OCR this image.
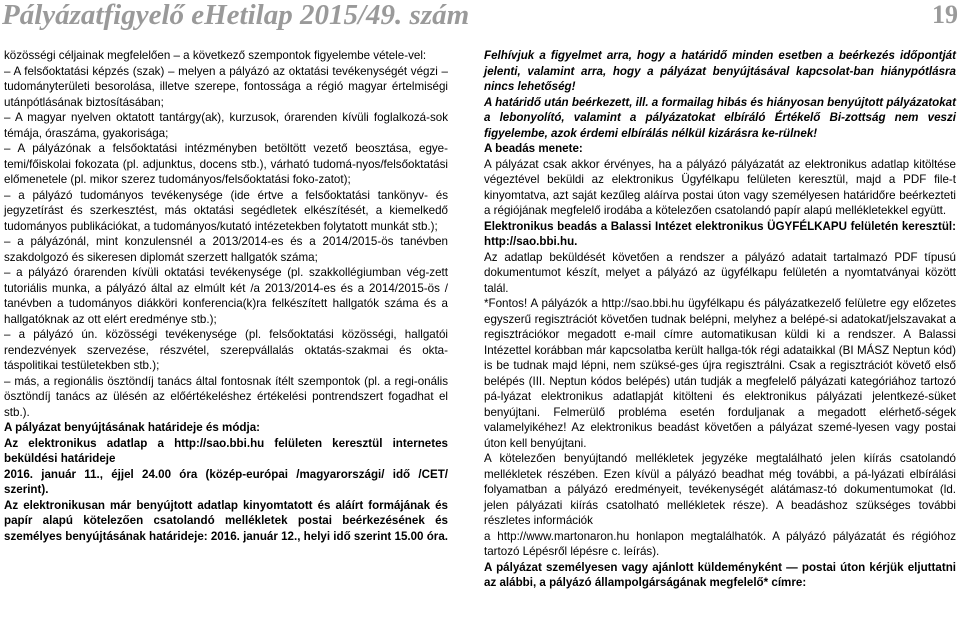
Pályázatfigyelő eHetilap 2015/49. szám	19

közösségi céljainak megfelelően – a következő szempontok figyelembe vétele-vel:

– A felsőoktatási képzés (szak) – melyen a pályázó az oktatási tevékenységét végzi – tudományterületi besorolása, illetve szerepe, fontossága a régió magyar értelmiségi utánpótlásának biztosításában;

– A magyar nyelven oktatott tantárgy(ak), kurzusok, órarenden kívüli foglalkozá-sok témája, óraszáma, gyakorisága;

– A pályázónak a felsőoktatási intézményben betöltött vezető beosztása, egye-temi/főiskolai fokozata (pl. adjunktus, docens stb.), várható tudomá-nyos/felsőoktatási előmenetele (pl. mikor szerez tudományos/felsőoktatási foko-zatot);

– a pályázó tudományos tevékenysége (ide értve a felsőoktatási tankönyv- és jegyzetírást és szerkesztést, más oktatási segédletek elkészítését, a kiemelkedő tudományos publikációkat, a tudományos/kutató intézetekben folytatott munkát stb.);

– a pályázónál, mint konzulensnél a 2013/2014-es és a 2014/2015-ös tanévben szakdolgozó és sikeresen diplomát szerzett hallgatók száma;

– a pályázó órarenden kívüli oktatási tevékenysége (pl. szakkollégiumban vég-zett tutoriális munka, a pályázó által az elmúlt két /a 2013/2014-es és a 2014/2015-ös / tanévben a tudományos diákköri konferencia(k)ra felkészített hallgatók száma és a hallgatóknak az ott elért eredménye stb.);

– a pályázó ún. közösségi tevékenysége (pl. felsőoktatási közösségi, hallgatói rendezvények szervezése, részvétel, szerepvállalás oktatás-szakmai és okta-táspolitikai testületekben stb.);

– más, a regionális ösztöndíj tanács által fontosnak ítélt szempontok (pl. a regi-onális ösztöndíj tanács az ülésén az előértékeléshez értékelési pontrendszert fogadhat el stb.).

A pályázat benyújtásának határideje és módja:

Az elektronikus adatlap a http://sao.bbi.hu felületen keresztül internetes beküldési határideje

2016. január 11., éjjel 24.00 óra (közép-európai /magyarországi/ idő /CET/ szerint).

Az elektronikusan már benyújtott adatlap kinyomtatott és aláírt formájának és papír alapú kötelezően csatolandó mellékletek postai beérkezésének és személyes benyújtásának határideje: 2016. január 12., helyi idő szerint 15.00 óra.

Felhívjuk a figyelmet arra, hogy a határidő minden esetben a beérkezés időpontját jelenti, valamint arra, hogy a pályázat benyújtásával kapcsolat-ban hiánypótlásra nincs lehetőség!

A határidő után beérkezett, ill. a formailag hibás és hiányosan benyújtott pályázatokat a lebonyolító, valamint a pályázatokat elbíráló Értékelő Bi-zottság nem veszi figyelembe, azok érdemi elbírálás nélkül kizárásra ke-rülnek!

A beadás menete:

A pályázat csak akkor érvényes, ha a pályázó pályázatát az elektronikus adatlap kitöltése végeztével beküldi az elektronikus Ügyfélkapu felületen keresztül, majd a PDF file-t kinyomtatva, azt saját kezűleg aláírva postai úton vagy személyesen határidőre beérkezteti a régiójának megfelelő irodába a kötelezően csatolandó papír alapú mellékletekkel együtt.

Elektronikus beadás a Balassi Intézet elektronikus ÜGYFÉLKAPU felületén keresztül: http://sao.bbi.hu.

Az adatlap beküldését követően a rendszer a pályázó adatait tartalmazó PDF típusú dokumentumot készít, melyet a pályázó az ügyfélkapu felületén a nyomtatványai között talál.

*Fontos! A pályázók a http://sao.bbi.hu ügyfélkapu és pályázatkezelő felületre egy előzetes egyszerű regisztrációt követően tudnak belépni, melyhez a belépé-si adatokat/jelszavakat a regisztrációkor megadott e-mail címre automatikusan küldi ki a rendszer. A Balassi Intézettel korábban már kapcsolatba került hallga-tók régi adataikkal (BI MÁSZ Neptun kód) is be tudnak majd lépni, nem szüksé-ges újra regisztrálni. Csak a regisztrációt követő első belépés (III. Neptun kódos belépés) után tudják a megfelelő pályázati kategóriához tartozó pá-lyázat elektronikus adatlapját kitölteni és elektronikus pályázati jelentkezé-süket benyújtani. Felmerülő probléma esetén forduljanak a megadott elérhető-ségek valamelyikéhez! Az elektronikus beadást követően a pályázat szemé-lyesen vagy postai úton kell benyújtani.

A kötelezően benyújtandó mellékletek jegyzéke megtalálható jelen kiírás csatolandó mellékletek részében. Ezen kívül a pályázó beadhat még további, a pá-lyázati elbírálási folyamatban a pályázó eredményeit, tevékenységét alátámasz-tó dokumentumokat (ld. jelen pályázati kiírás csatolható mellékletek része). A beadáshoz szükséges további részletes információk

a http://www.martonaron.hu honlapon megtalálhatók. A pályázó pályázatát és régióhoz tartozó Lépésről lépésre c. leírás).

A pályázat személyesen vagy ajánlott küldeményként — postai úton kérjük eljuttatni az alábbi, a pályázó állampolgárságának megfelelő* címre:
